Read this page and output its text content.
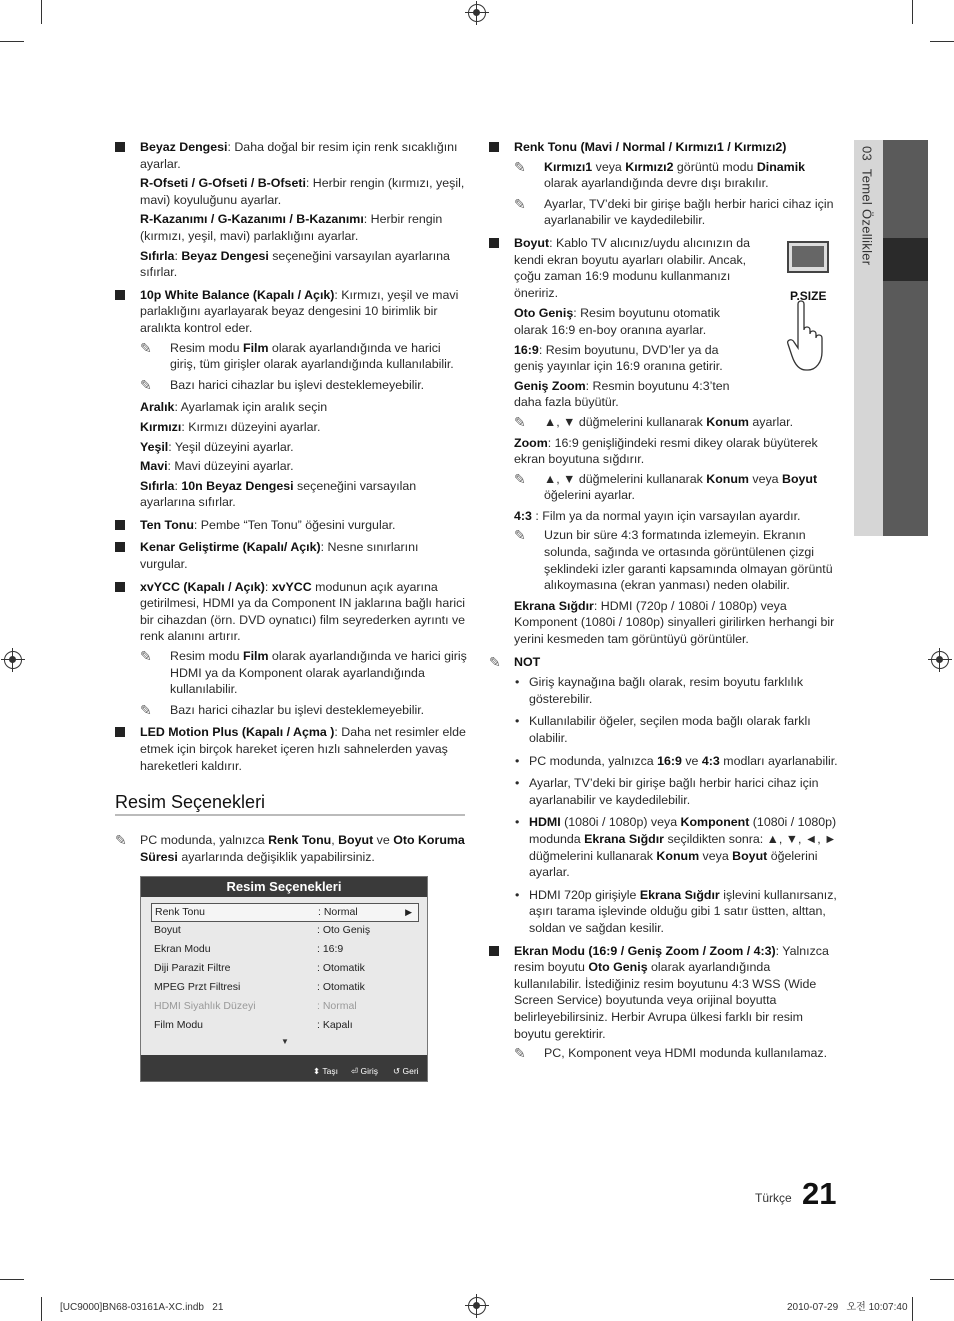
03  Temel Özellikler
Beyaz Dengesi: Daha doğal bir resim için renk sıcaklığını ayarlar.
R-Ofseti / G-Ofseti / B-Ofseti: Herbir rengin (kırmızı, yeşil, mavi) koyuluğunu ayarlar.
R-Kazanımı / G-Kazanımı / B-Kazanımı: Herbir rengin (kırmızı, yeşil, mavi) parlaklığını ayarlar.
Sıfırla: Beyaz Dengesi seçeneğini varsayılan ayarlarına sıfırlar.
10p White Balance (Kapalı / Açık): Kırmızı, yeşil ve mavi parlaklığını ayarlayarak beyaz dengesini 10 birimlik bir aralıkta kontrol eder.
✎ Resim modu Film olarak ayarlandığında ve harici giriş, tüm girişler olarak ayarlandığında kullanılabilir.
✎ Bazı harici cihazlar bu işlevi desteklemeyebilir.
Aralık: Ayarlamak için aralık seçin
Kırmızı: Kırmızı düzeyini ayarlar.
Yeşil: Yeşil düzeyini ayarlar.
Mavi: Mavi düzeyini ayarlar.
Sıfırla: 10n Beyaz Dengesi seçeneğini varsayılan ayarlarına sıfırlar.
Ten Tonu: Pembe “Ten Tonu” öğesini vurgular.
Kenar Geliştirme (Kapalı/ Açık): Nesne sınırlarını vurgular.
xvYCC (Kapalı / Açık): xvYCC modunun açık ayarına getirilmesi, HDMI ya da Component IN jaklarına bağlı harici bir cihazdan (örn. DVD oynatıcı) film seyrederken ayrıntı ve renk alanını artırır.
✎ Resim modu Film olarak ayarlandığında ve harici giriş HDMI ya da Komponent olarak ayarlandığında kullanılabilir.
✎ Bazı harici cihazlar bu işlevi desteklemeyebilir.
LED Motion Plus (Kapalı / Açma ): Daha net resimler elde etmek için birçok hareket içeren hızlı sahnelerden yavaş hareketleri kaldırır.
Resim Seçenekleri
✎ PC modunda, yalnızca Renk Tonu, Boyut ve Oto Koruma Süresi ayarlarında değişiklik yapabilirsiniz.
Resim Seçenekleri
Renk Tonu	: Normal	▶
Boyut	: Oto Geniş
Ekran Modu	: 16:9
Diji Parazit Filtre	: Otomatik
MPEG Przt Filtresi	: Otomatik
HDMI Siyahlık Düzeyi	: Normal
Film Modu	: Kapalı
▼
⬍ Taşı ⏎ Giriş ↺ Geri
Renk Tonu (Mavi / Normal / Kırmızı1 / Kırmızı2)
✎ Kırmızı1 veya Kırmızı2 görüntü modu Dinamik olarak ayarlandığında devre dışı bırakılır.
✎ Ayarlar, TV’deki bir girişe bağlı herbir harici cihaz için ayarlanabilir ve kaydedilebilir.
Boyut: Kablo TV alıcınız/uydu alıcınızın da kendi ekran boyutu ayarları olabilir. Ancak, çoğu zaman 16:9 modunu kullanmanızı öneririz.
Oto Geniş: Resim boyutunu otomatik olarak 16:9 en-boy oranına ayarlar.
16:9: Resim boyutunu, DVD’ler ya da geniş yayınlar için 16:9 oranına getirir.
Geniş Zoom: Resmin boyutunu 4:3’ten daha fazla büyütür.
✎ ▲, ▼ düğmelerini kullanarak Konum ayarlar.
Zoom: 16:9 genişliğindeki resmi dikey olarak büyüterek ekran boyutuna sığdırır.
✎ ▲, ▼ düğmelerini kullanarak Konum veya Boyut öğelerini ayarlar.
4:3 : Film ya da normal yayın için varsayılan ayardır.
✎ Uzun bir süre 4:3 formatında izlemeyin. Ekranın solunda, sağında ve ortasında görüntülenen çizgi şeklindeki izler garanti kapsamında olmayan görüntü alıkoymasına (ekran yanması) neden olabilir.
Ekrana Sığdır: HDMI (720p / 1080i / 1080p) veya Komponent (1080i / 1080p) sinyalleri girilirken herhangi bir yerini kesmeden tam görüntüyü görüntüler.
✎ NOT
• Giriş kaynağına bağlı olarak, resim boyutu farklılık gösterebilir.
• Kullanılabilir öğeler, seçilen moda bağlı olarak farklı olabilir.
• PC modunda, yalnızca 16:9 ve 4:3 modları ayarlanabilir.
• Ayarlar, TV’deki bir girişe bağlı herbir harici cihaz için ayarlanabilir ve kaydedilebilir.
• HDMI (1080i / 1080p) veya Komponent (1080i / 1080p) modunda Ekrana Sığdır seçildikten sonra: ▲, ▼, ◄, ► düğmelerini kullanarak Konum veya Boyut öğelerini ayarlar.
• HDMI 720p girişiyle Ekrana Sığdır işlevini kullanırsanız, aşırı tarama işlevinde olduğu gibi 1 satır üstten, alttan, soldan ve sağdan kesilir.
Ekran Modu (16:9 / Geniş Zoom / Zoom / 4:3): Yalnızca resim boyutu Oto Geniş olarak ayarlandığında kullanılabilir. İstediğiniz resim boyutunu 4:3 WSS (Wide Screen Service) boyutunda veya orijinal boyutta belirleyebilirsiniz. Herbir Avrupa ülkesi farklı bir resim boyutu gerektirir.
✎ PC, Komponent veya HDMI modunda kullanılamaz.
P.SIZE
Türkçe 21
[UC9000]BN68-03161A-XC.indb   21	2010-07-29   오전 10:07:40
